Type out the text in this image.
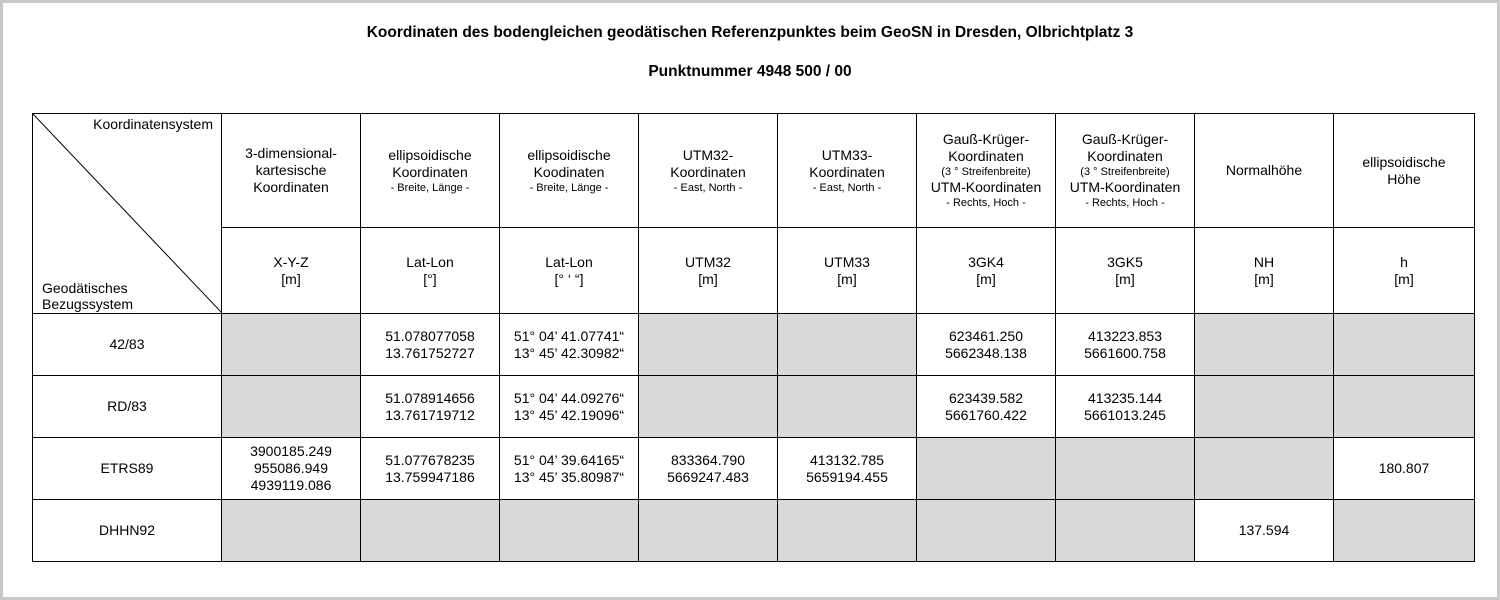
Koordinaten des bodengleichen geodätischen Referenzpunktes beim GeoSN in Dresden, Olbrichtplatz 3
Punktnummer 4948 500 / 00
Koordinatensystem
Geodätisches
Bezugssystem	3-dimensional-
kartesische
Koordinaten	ellipsoidische
Koordinaten
- Breite, Länge -	ellipsoidische
Koodinaten
- Breite, Länge -	UTM32-
Koordinaten
- East, North -	UTM33-
Koordinaten
- East, North -	Gauß-Krüger-
Koordinaten
(3 ° Streifenbreite)
UTM-Koordinaten
- Rechts, Hoch -	Gauß-Krüger-
Koordinaten
(3 ° Streifenbreite)
UTM-Koordinaten
- Rechts, Hoch -	Normalhöhe	ellipsoidische
Höhe

	X-Y-Z
[m]	Lat-Lon
[°]	Lat-Lon
[° ‘ “]	UTM32
[m]	UTM33
[m]	3GK4
[m]	3GK5
[m]	NH
[m]	h
[m]

42/83		51.078077058
13.761752727	51° 04’ 41.07741“
13° 45’ 42.30982“			623461.250
5662348.138	413223.853
5661600.758		

RD/83		51.078914656
13.761719712	51° 04’ 44.09276“
13° 45’ 42.19096“			623439.582
5661760.422	413235.144
5661013.245		

ETRS89	3900185.249
955086.949
4939119.086	51.077678235
13.759947186	51° 04’ 39.64165“
13° 45’ 35.80987“	833364.790
5669247.483	413132.785
5659194.455				180.807

DHHN92								137.594	
